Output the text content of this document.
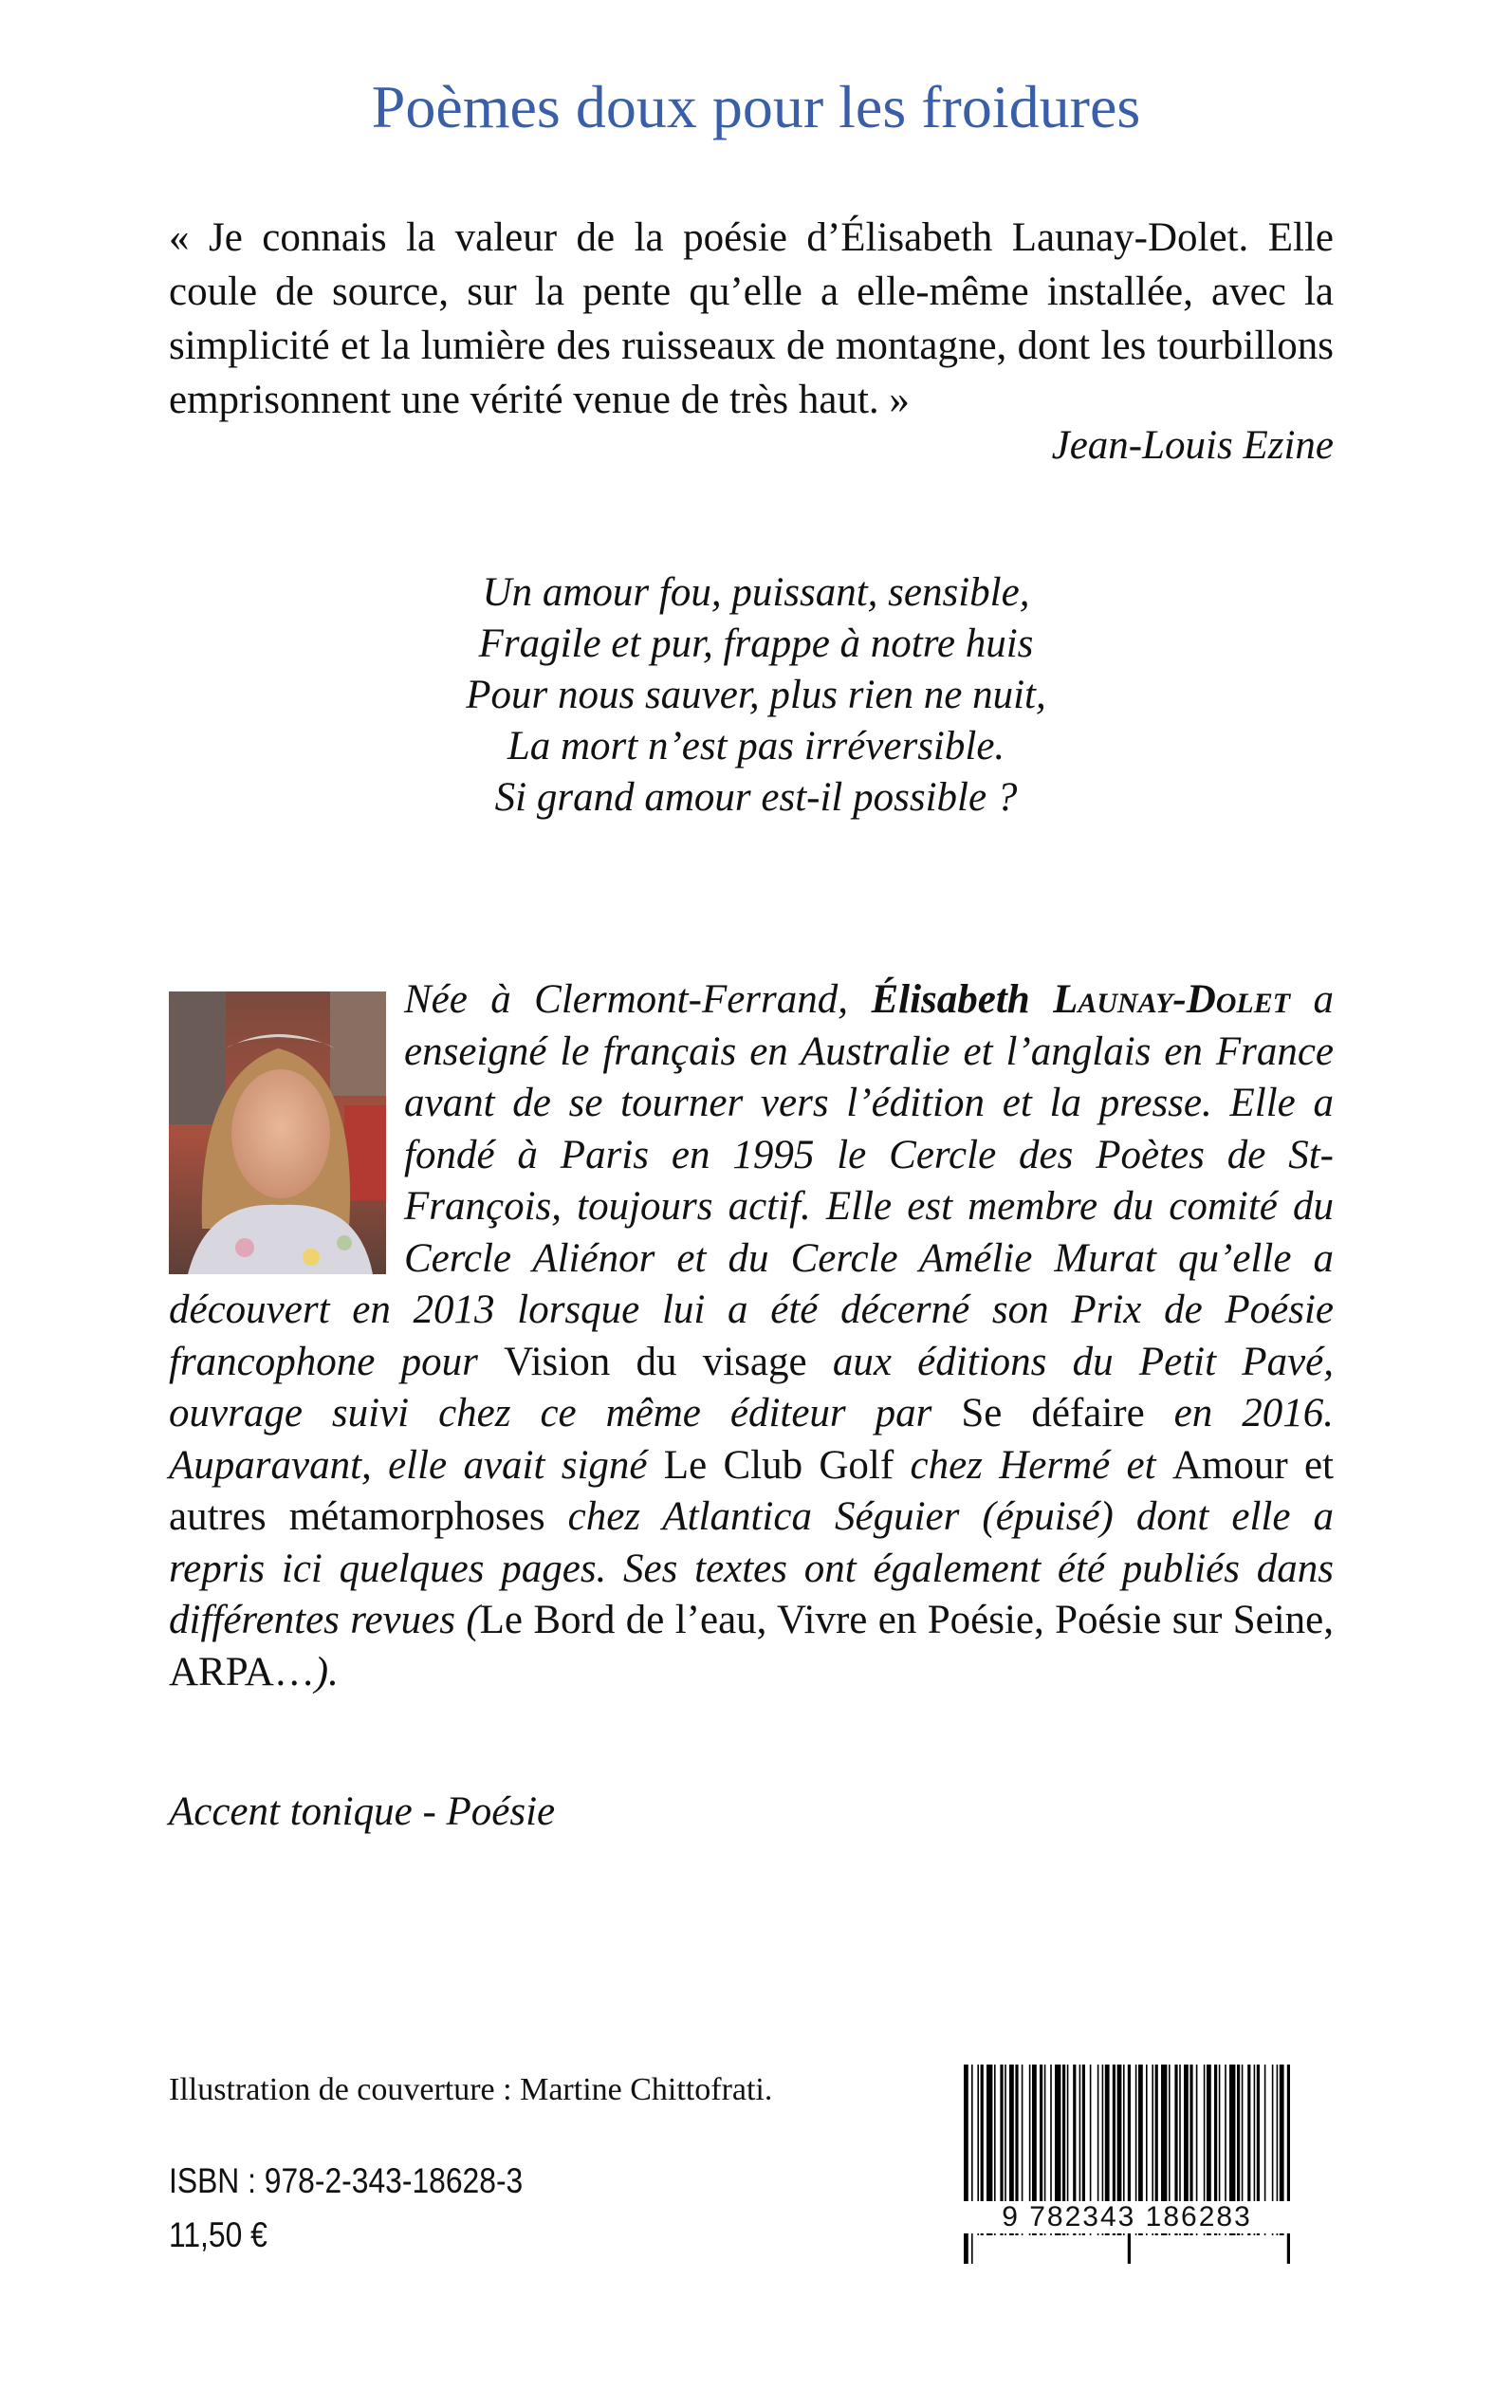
Poèmes doux pour les froidures

« Je connais la valeur de la poésie d’Élisabeth Launay-Dolet. Elle coule de source, sur la pente qu’elle a elle-même installée, avec la simplicité et la lumière des ruisseaux de montagne, dont les tourbillons emprisonnent une vérité venue de très haut. »

Jean-Louis Ezine
Un amour fou, puissant, sensible,
Fragile et pur, frappe à notre huis
Pour nous sauver, plus rien ne nuit,
La mort n’est pas irréversible.
Si grand amour est-il possible ?
Née à Clermont-Ferrand, Élisabeth Launay-Dolet a enseigné le français en Australie et l’anglais en France avant de se tourner vers l’édition et la presse. Elle a fondé à Paris en 1995 le Cercle des Poètes de St-François, toujours actif. Elle est membre du comité du Cercle Aliénor et du Cercle Amélie Murat qu’elle a découvert en 2013 lorsque lui a été décerné son Prix de Poésie francophone pour Vision du visage aux éditions du Petit Pavé, ouvrage suivi chez ce même éditeur par Se défaire en 2016. Auparavant, elle avait signé Le Club Golf chez Hermé et Amour et autres métamorphoses chez Atlantica Séguier (épuisé) dont elle a repris ici quelques pages. Ses textes ont également été publiés dans différentes revues (Le Bord de l’eau, Vivre en Poésie, Poésie sur Seine, ARPA…).
Accent tonique - Poésie
Illustration de couverture : Martine Chittofrati.
ISBN : 978-2-343-18628-3
11,50 €	9 782343 186283
